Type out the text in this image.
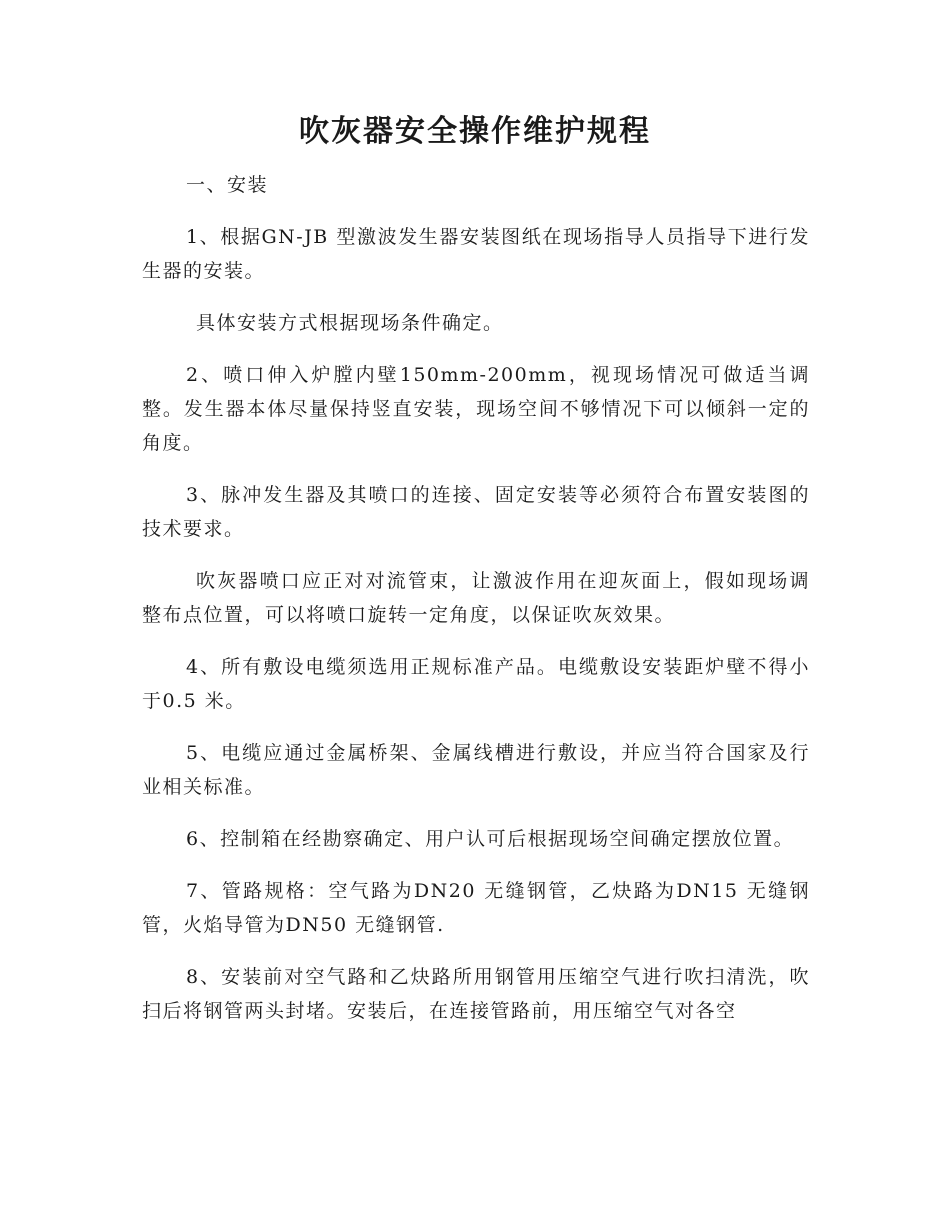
吹灰器安全操作维护规程

一、安装

1、根据GN-JB 型激波发生器安装图纸在现场指导人员指导下进行发生器的安装。

具体安装方式根据现场条件确定。

2、喷口伸入炉膛内壁150mm-200mm，视现场情况可做适当调整。发生器本体尽量保持竖直安装，现场空间不够情况下可以倾斜一定的角度。

3、脉冲发生器及其喷口的连接、固定安装等必须符合布置安装图的技术要求。

吹灰器喷口应正对对流管束，让激波作用在迎灰面上，假如现场调整布点位置，可以将喷口旋转一定角度，以保证吹灰效果。

4、所有敷设电缆须选用正规标准产品。电缆敷设安装距炉壁不得小于0.5 米。

5、电缆应通过金属桥架、金属线槽进行敷设，并应当符合国家及行业相关标准。

6、控制箱在经勘察确定、用户认可后根据现场空间确定摆放位置。

7、管路规格：空气路为DN20 无缝钢管，乙炔路为DN15 无缝钢管，火焰导管为DN50 无缝钢管.

8、安装前对空气路和乙炔路所用钢管用压缩空气进行吹扫清洗，吹扫后将钢管两头封堵。安装后，在连接管路前，用压缩空气对各空
